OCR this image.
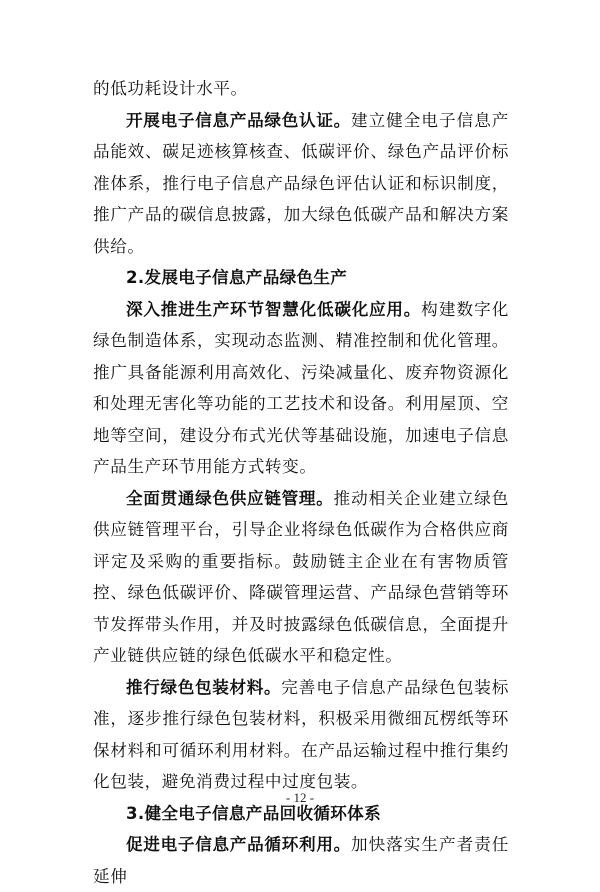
的低功耗设计水平。

开展电子信息产品绿色认证。建立健全电子信息产品能效、碳足迹核算核查、低碳评价、绿色产品评价标准体系，推行电子信息产品绿色评估认证和标识制度，推广产品的碳信息披露，加大绿色低碳产品和解决方案供给。

2.发展电子信息产品绿色生产

深入推进生产环节智慧化低碳化应用。构建数字化绿色制造体系，实现动态监测、精准控制和优化管理。推广具备能源利用高效化、污染减量化、废弃物资源化和处理无害化等功能的工艺技术和设备。利用屋顶、空地等空间，建设分布式光伏等基础设施，加速电子信息产品生产环节用能方式转变。

全面贯通绿色供应链管理。推动相关企业建立绿色供应链管理平台，引导企业将绿色低碳作为合格供应商评定及采购的重要指标。鼓励链主企业在有害物质管控、绿色低碳评价、降碳管理运营、产品绿色营销等环节发挥带头作用，并及时披露绿色低碳信息，全面提升产业链供应链的绿色低碳水平和稳定性。

推行绿色包装材料。完善电子信息产品绿色包装标准，逐步推行绿色包装材料，积极采用微细瓦楞纸等环保材料和可循环利用材料。在产品运输过程中推行集约化包装，避免消费过程中过度包装。

3.健全电子信息产品回收循环体系

促进电子信息产品循环利用。加快落实生产者责任延伸

- 12 -
